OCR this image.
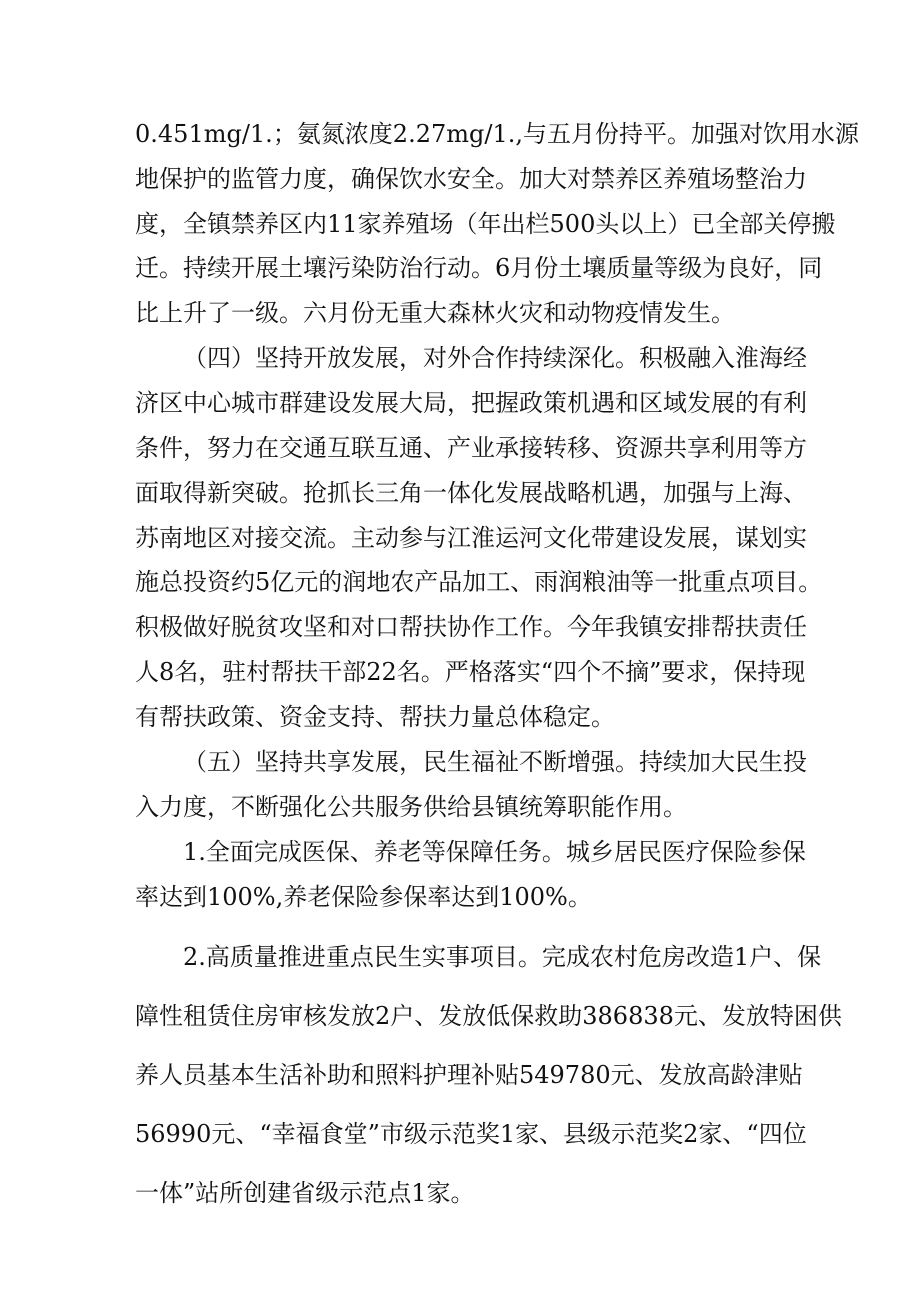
0.451mg/1.；氨氮浓度2.27mg/1.,与五月份持平。加强对饮用水源
地保护的监管力度，确保饮水安全。加大对禁养区养殖场整治力
度，全镇禁养区内11家养殖场（年出栏500头以上）已全部关停搬
迁。持续开展土壤污染防治行动。6月份土壤质量等级为良好，同
比上升了一级。六月份无重大森林火灾和动物疫情发生。
（四）坚持开放发展，对外合作持续深化。积极融入淮海经
济区中心城市群建设发展大局，把握政策机遇和区域发展的有利
条件，努力在交通互联互通、产业承接转移、资源共享利用等方
面取得新突破。抢抓长三角一体化发展战略机遇，加强与上海、
苏南地区对接交流。主动参与江淮运河文化带建设发展，谋划实
施总投资约5亿元的润地农产品加工、雨润粮油等一批重点项目。
积极做好脱贫攻坚和对口帮扶协作工作。今年我镇安排帮扶责任
人8名，驻村帮扶干部22名。严格落实“四个不摘”要求，保持现
有帮扶政策、资金支持、帮扶力量总体稳定。
（五）坚持共享发展，民生福祉不断增强。持续加大民生投
入力度，不断强化公共服务供给县镇统筹职能作用。
1.全面完成医保、养老等保障任务。城乡居民医疗保险参保
率达到100%,养老保险参保率达到100%。
2.高质量推进重点民生实事项目。完成农村危房改造1户、保
障性租赁住房审核发放2户、发放低保救助386838元、发放特困供
养人员基本生活补助和照料护理补贴549780元、发放高龄津贴
56990元、“幸福食堂”市级示范奖1家、县级示范奖2家、“四位
一体”站所创建省级示范点1家。
